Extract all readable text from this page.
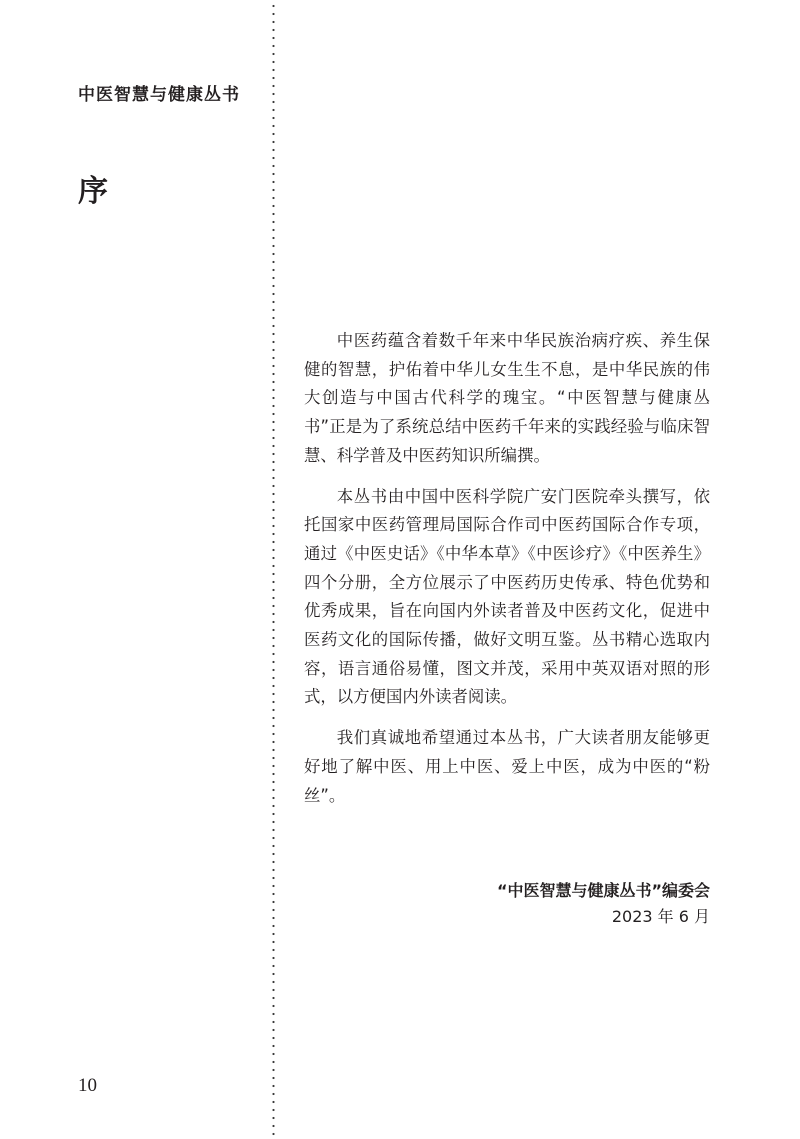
中医智慧与健康丛书
序

中医药蕴含着数千年来中华民族治病疗疾、养生保健的智慧，护佑着中华儿女生生不息，是中华民族的伟大创造与中国古代科学的瑰宝。“中医智慧与健康丛书”正是为了系统总结中医药千年来的实践经验与临床智慧、科学普及中医药知识所编撰。

本丛书由中国中医科学院广安门医院牵头撰写，依托国家中医药管理局国际合作司中医药国际合作专项，通过《中医史话》《中华本草》《中医诊疗》《中医养生》四个分册，全方位展示了中医药历史传承、特色优势和优秀成果，旨在向国内外读者普及中医药文化，促进中医药文化的国际传播，做好文明互鉴。丛书精心选取内容，语言通俗易懂，图文并茂，采用中英双语对照的形式，以方便国内外读者阅读。

我们真诚地希望通过本丛书，广大读者朋友能够更好地了解中医、用上中医、爱上中医，成为中医的“粉丝”。

“中医智慧与健康丛书”编委会
2023 年 6 月
10
